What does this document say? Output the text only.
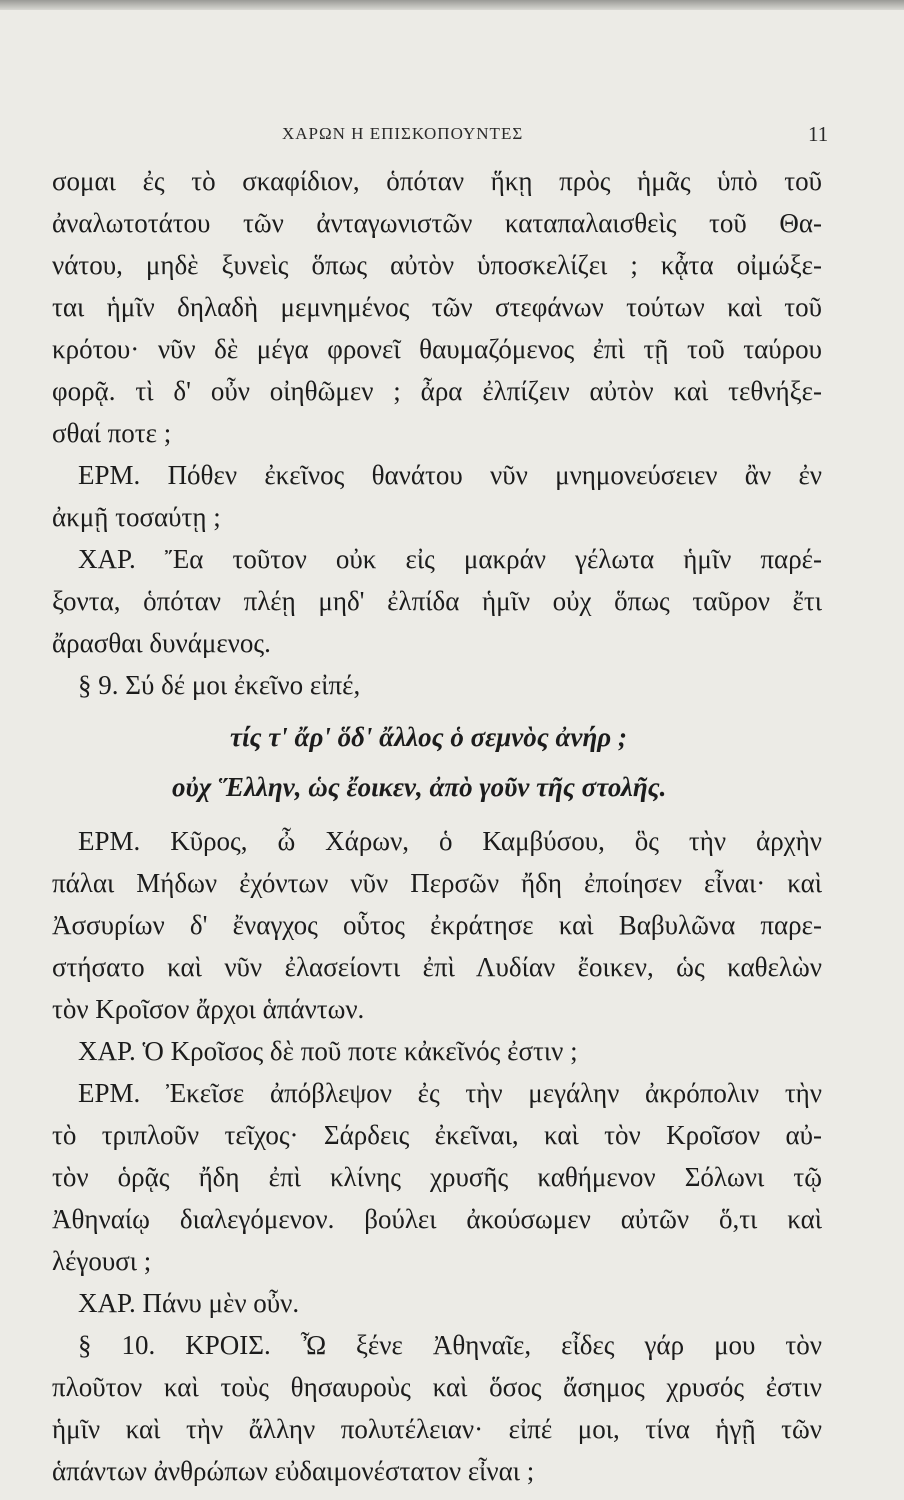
ΧΑΡΩΝ Η ΕΠΙΣΚΟΠΟΥΝΤΕΣ	11
σομαι ἐς τὸ σκαφίδιον, ὁπόταν ἥκῃ πρὸς ἡμᾶς ὑπὸ τοῦ
ἀναλωτοτάτου τῶν ἀνταγωνιστῶν καταπαλαισθεὶς τοῦ Θα-
νάτου, μηδὲ ξυνεὶς ὅπως αὐτὸν ὑποσκελίζει ; κᾆτα οἰμώξε-
ται ἡμῖν δηλαδὴ μεμνημένος τῶν στεφάνων τούτων καὶ τοῦ
κρότου· νῦν δὲ μέγα φρονεῖ θαυμαζόμενος ἐπὶ τῇ τοῦ ταύρου
φορᾷ. τὶ δ' οὖν οἰηθῶμεν ; ἆρα ἐλπίζειν αὐτὸν καὶ τεθνήξε-
σθαί ποτε ;
ΕΡΜ. Πόθεν ἐκεῖνος θανάτου νῦν μνημονεύσειεν ἂν ἐν
ἀκμῇ τοσαύτῃ ;
ΧΑΡ. Ἔα τοῦτον οὐκ εἰς μακράν γέλωτα ἡμῖν παρέ-
ξοντα, ὁπόταν πλέῃ μηδ' ἐλπίδα ἡμῖν οὐχ ὅπως ταῦρον ἔτι
ἄρασθαι δυνάμενος.
§ 9. Σύ δέ μοι ἐκεῖνο εἰπέ,
τίς τ' ἄρ' ὅδ' ἄλλος ὁ σεμνὸς ἀνήρ ;
οὐχ Ἕλλην, ὡς ἔοικεν, ἀπὸ γοῦν τῆς στολῆς.
ΕΡΜ. Κῦρος, ὦ Χάρων, ὁ Καμβύσου, ὃς τὴν ἀρχὴν
πάλαι Μήδων ἐχόντων νῦν Περσῶν ἤδη ἐποίησεν εἶναι· καὶ
Ἀσσυρίων δ' ἔναγχος οὗτος ἐκράτησε καὶ Βαβυλῶνα παρε-
στήσατο καὶ νῦν ἐλασείοντι ἐπὶ Λυδίαν ἔοικεν, ὡς καθελὼν
τὸν Κροῖσον ἄρχοι ἁπάντων.
ΧΑΡ. Ὁ Κροῖσος δὲ ποῦ ποτε κἀκεῖνός ἐστιν ;
ΕΡΜ. Ἐκεῖσε ἀπόβλεψον ἐς τὴν μεγάλην ἀκρόπολιν τὴν
τὸ τριπλοῦν τεῖχος· Σάρδεις ἐκεῖναι, καὶ τὸν Κροῖσον αὐ-
τὸν ὁρᾷς ἤδη ἐπὶ κλίνης χρυσῆς καθήμενον Σόλωνι τῷ
Ἀθηναίῳ διαλεγόμενον. βούλει ἀκούσωμεν αὐτῶν ὅ,τι καὶ
λέγουσι ;
ΧΑΡ. Πάνυ μὲν οὖν.
§ 10. ΚΡΟΙΣ. Ὦ ξένε Ἀθηναῖε, εἶδες γάρ μου τὸν
πλοῦτον καὶ τοὺς θησαυροὺς καὶ ὅσος ἄσημος χρυσός ἐστιν
ἡμῖν καὶ τὴν ἄλλην πολυτέλειαν· εἰπέ μοι, τίνα ἡγῇ τῶν
ἁπάντων ἀνθρώπων εὐδαιμονέστατον εἶναι ;
